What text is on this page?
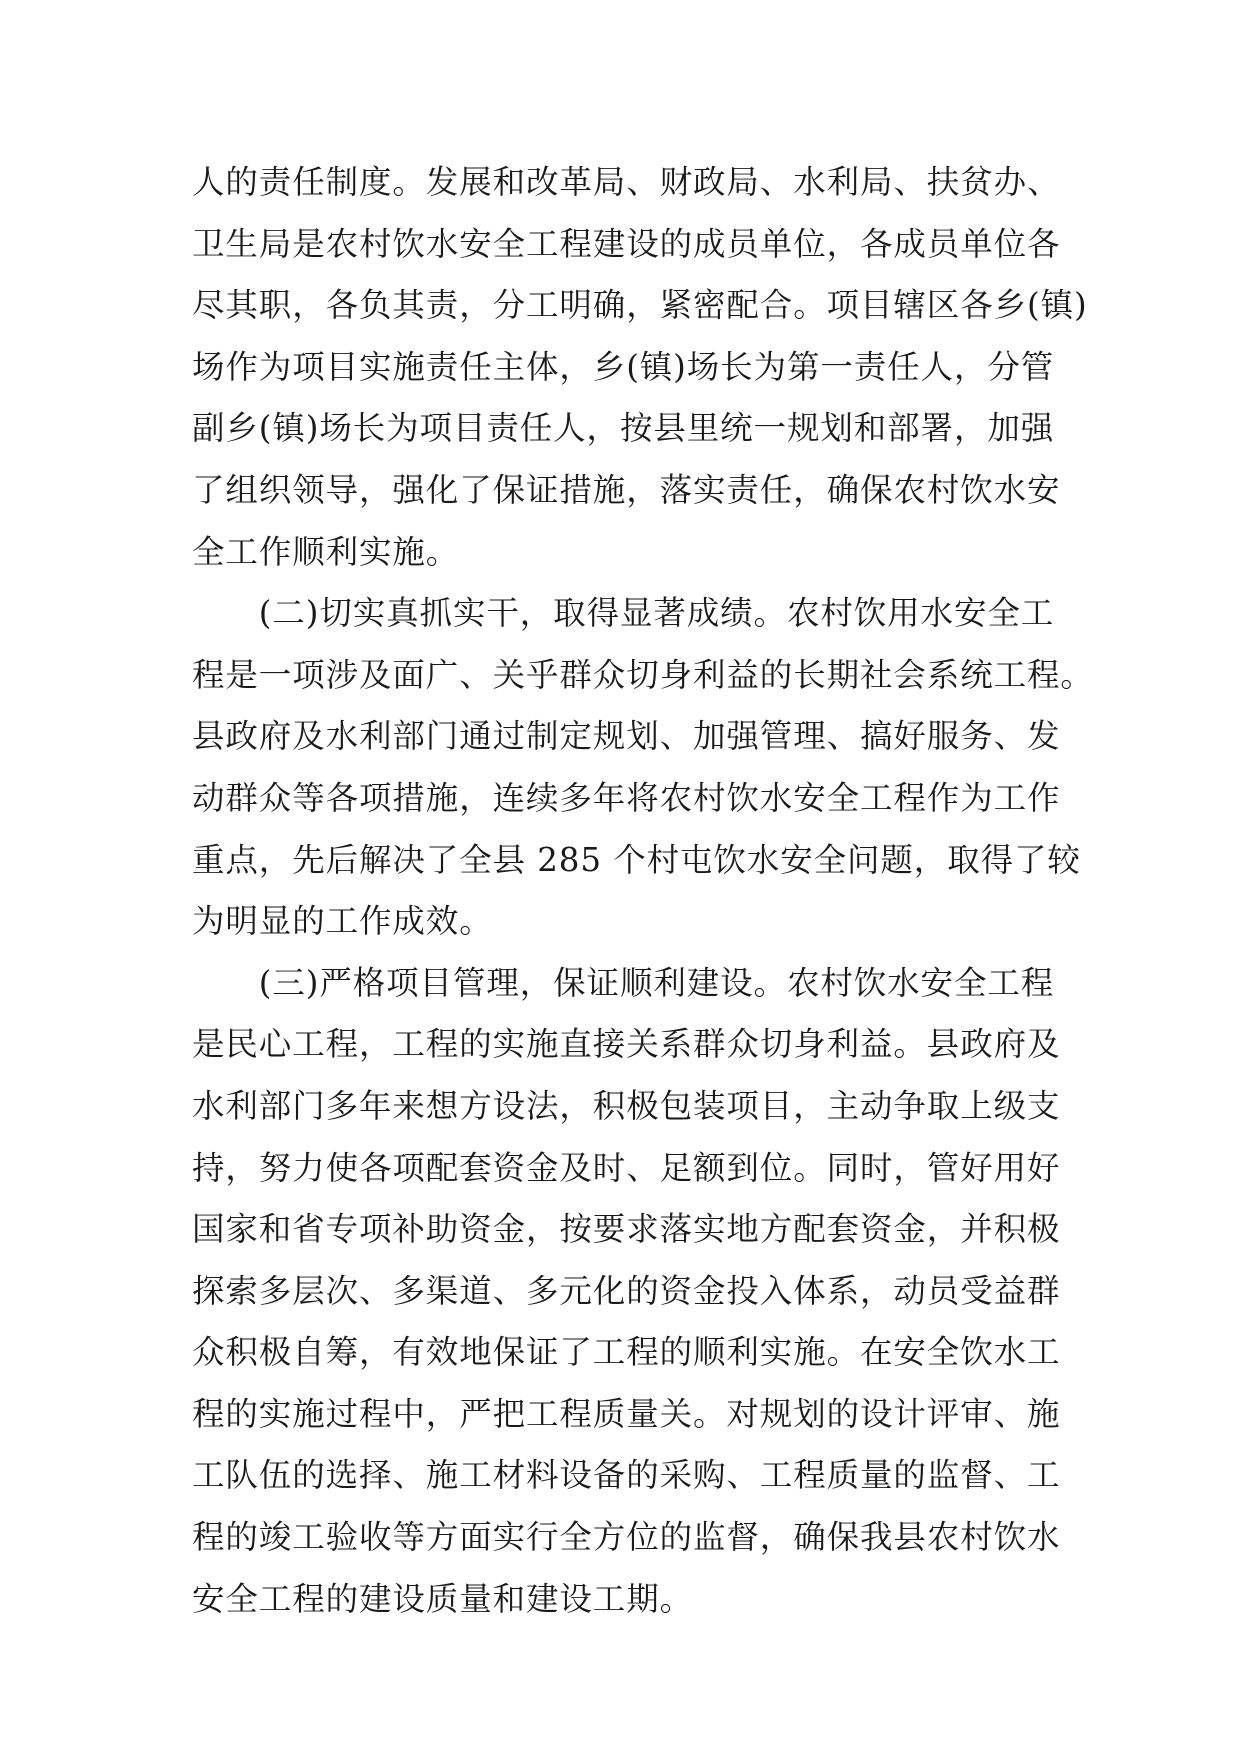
人的责任制度。发展和改革局、财政局、水利局、扶贫办、
卫生局是农村饮水安全工程建设的成员单位，各成员单位各
尽其职，各负其责，分工明确，紧密配合。项目辖区各乡(镇)
场作为项目实施责任主体，乡(镇)场长为第一责任人，分管
副乡(镇)场长为项目责任人，按县里统一规划和部署，加强
了组织领导，强化了保证措施，落实责任，确保农村饮水安
全工作顺利实施。
　　(二)切实真抓实干，取得显著成绩。农村饮用水安全工
程是一项涉及面广、关乎群众切身利益的长期社会系统工程。
县政府及水利部门通过制定规划、加强管理、搞好服务、发
动群众等各项措施，连续多年将农村饮水安全工程作为工作
重点，先后解决了全县 285 个村屯饮水安全问题，取得了较
为明显的工作成效。
　　(三)严格项目管理，保证顺利建设。农村饮水安全工程
是民心工程，工程的实施直接关系群众切身利益。县政府及
水利部门多年来想方设法，积极包装项目，主动争取上级支
持，努力使各项配套资金及时、足额到位。同时，管好用好
国家和省专项补助资金，按要求落实地方配套资金，并积极
探索多层次、多渠道、多元化的资金投入体系，动员受益群
众积极自筹，有效地保证了工程的顺利实施。在安全饮水工
程的实施过程中，严把工程质量关。对规划的设计评审、施
工队伍的选择、施工材料设备的采购、工程质量的监督、工
程的竣工验收等方面实行全方位的监督，确保我县农村饮水
安全工程的建设质量和建设工期。
